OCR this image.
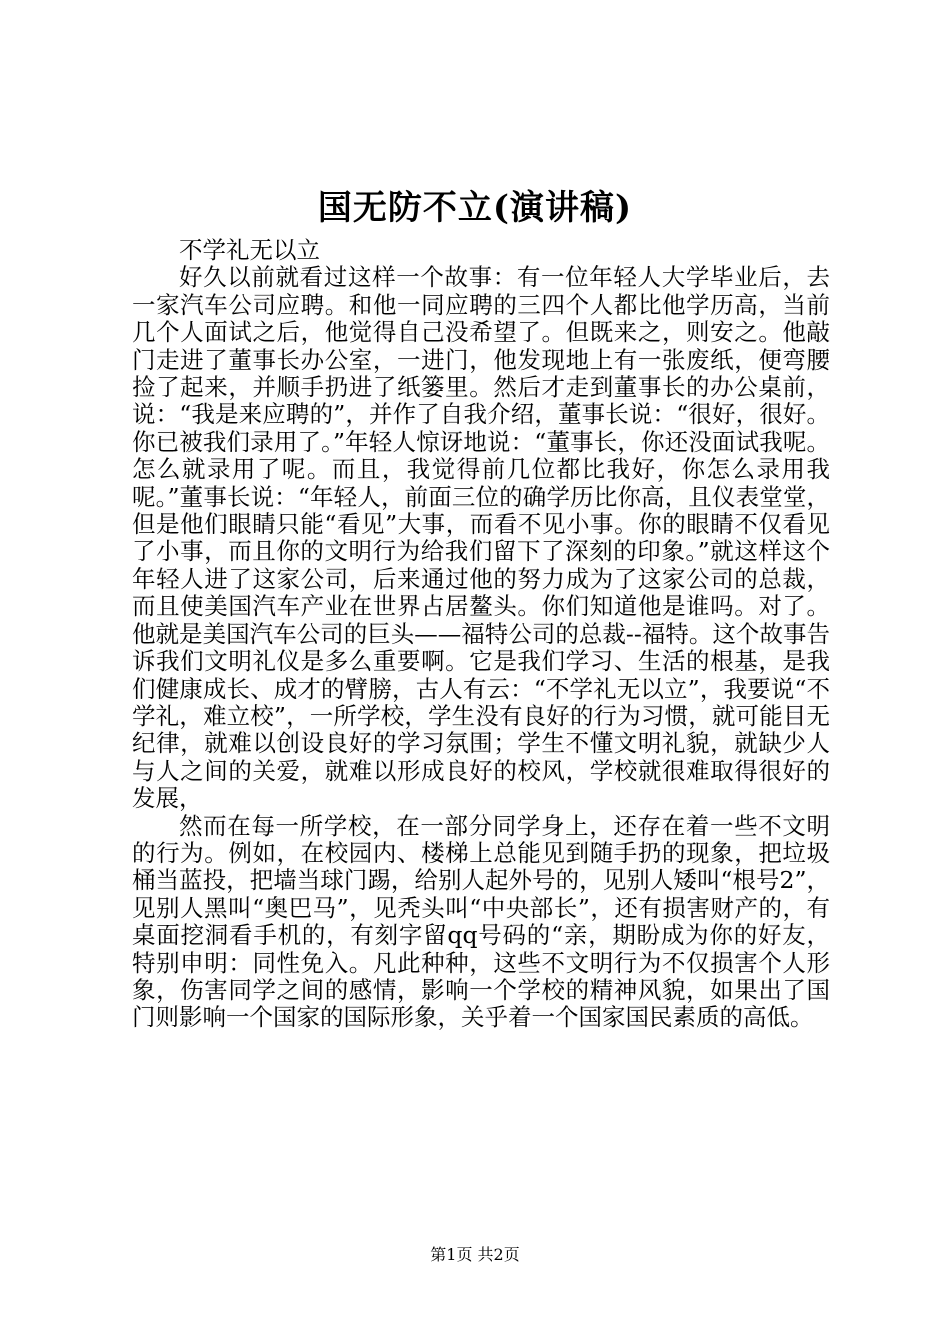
国无防不立(演讲稿)

不学礼无以立

好久以前就看过这样一个故事：有一位年轻人大学毕业后，去一家汽车公司应聘。和他一同应聘的三四个人都比他学历高，当前几个人面试之后，他觉得自己没希望了。但既来之，则安之。他敲门走进了董事长办公室，一进门，他发现地上有一张废纸，便弯腰捡了起来，并顺手扔进了纸篓里。然后才走到董事长的办公桌前，说：“我是来应聘的”，并作了自我介绍，董事长说：“很好，很好。你已被我们录用了。”年轻人惊讶地说：“董事长，你还没面试我呢。怎么就录用了呢。而且，我觉得前几位都比我好，你怎么录用我呢。”董事长说：“年轻人，前面三位的确学历比你高，且仪表堂堂，但是他们眼睛只能“看见”大事，而看不见小事。你的眼睛不仅看见了小事，而且你的文明行为给我们留下了深刻的印象。”就这样这个年轻人进了这家公司，后来通过他的努力成为了这家公司的总裁，而且使美国汽车产业在世界占居鳌头。你们知道他是谁吗。对了。他就是美国汽车公司的巨头——福特公司的总裁--福特。这个故事告诉我们文明礼仪是多么重要啊。它是我们学习、生活的根基，是我们健康成长、成才的臂膀，古人有云：“不学礼无以立”，我要说“不学礼，难立校”，一所学校，学生没有良好的行为习惯，就可能目无纪律，就难以创设良好的学习氛围；学生不懂文明礼貌，就缺少人与人之间的关爱，就难以形成良好的校风，学校就很难取得很好的发展，

然而在每一所学校，在一部分同学身上，还存在着一些不文明的行为。例如，在校园内、楼梯上总能见到随手扔的现象，把垃圾桶当蓝投，把墙当球门踢，给别人起外号的，见别人矮叫“根号2”，见别人黑叫“奥巴马”，见秃头叫“中央部长”，还有损害财产的，有桌面挖洞看手机的，有刻字留qq号码的“亲，期盼成为你的好友，特别申明：同性免入。凡此种种，这些不文明行为不仅损害个人形象，伤害同学之间的感情，影响一个学校的精神风貌，如果出了国门则影响一个国家的国际形象，关乎着一个国家国民素质的高低。

第1页 共2页
